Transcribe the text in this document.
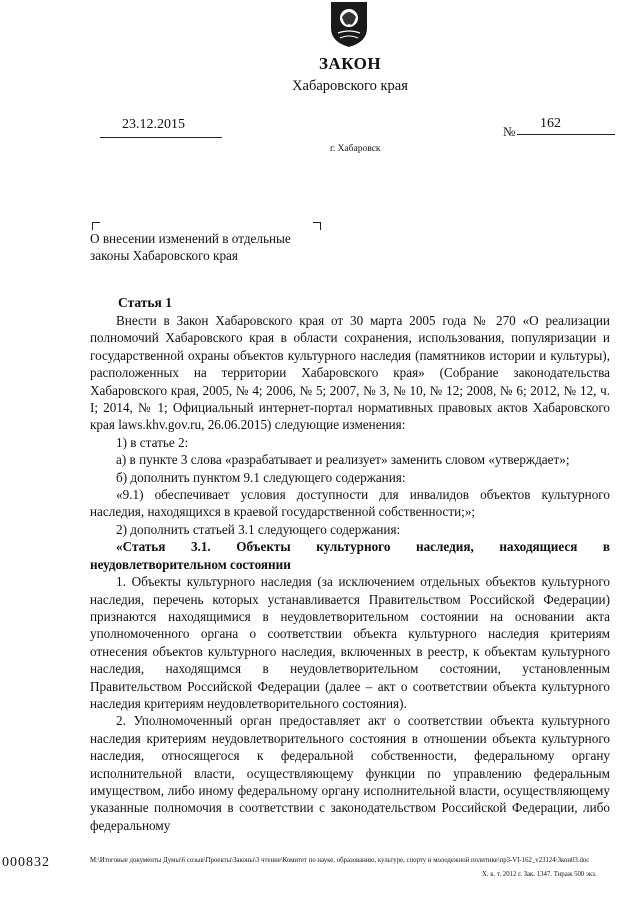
ЗАКОН
Хабаровского края
23.12.2015	№
162
г. Хабаровск
О внесении изменений в отдельные
законы Хабаровского края
Статья 1

Внести в Закон Хабаровского края от 30 марта 2005 года № 270 «О реализации полномочий Хабаровского края в области сохранения, использования, популяризации и государственной охраны объектов культурного наследия (памятников истории и культуры), расположенных на территории Хабаровского края» (Собрание законодательства Хабаровского края, 2005, № 4; 2006, № 5; 2007, № 3, № 10, № 12; 2008, № 6; 2012, № 12, ч. I; 2014, № 1; Официальный интернет-портал нормативных правовых актов Хабаровского края laws.khv.gov.ru, 26.06.2015) следующие изменения:

1) в статье 2:

а) в пункте 3 слова «разрабатывает и реализует» заменить словом «утверждает»;

б) дополнить пунктом 9.1 следующего содержания:

«9.1) обеспечивает условия доступности для инвалидов объектов культурного наследия, находящихся в краевой государственной собственности;»;

2) дополнить статьей 3.1 следующего содержания:

«Статья 3.1. Объекты культурного наследия, находящиеся в неудовлетворительном состоянии

1. Объекты культурного наследия (за исключением отдельных объектов культурного наследия, перечень которых устанавливается Правительством Российской Федерации) признаются находящимися в неудовлетворительном состоянии на основании акта уполномоченного органа о соответствии объекта культурного наследия критериям отнесения объектов культурного наследия, включенных в реестр, к объектам культурного наследия, находящимся в неудовлетворительном состоянии, установленным Правительством Российской Федерации (далее – акт о соответствии объекта культурного наследия критериям неудовлетворительного состояния).

2. Уполномоченный орган предоставляет акт о соответствии объекта культурного наследия критериям неудовлетворительного состояния в отношении объекта культурного наследия, относящегося к федеральной собственности, федеральному органу исполнительной власти, осуществляющему функции по управлению федеральным имуществом, либо иному федеральному органу исполнительной власти, осуществляющему указанные полномочия в соответствии с законодательством Российской Федерации, либо федеральному

000832	М:\Итоговые документы Думы\6 созыв\Проекты\Законы\3 чтение\Комитет по науке, образованию, культуре, спорту и молодежной политике\пр3-VI-162_v23124\Зкон03.doc
Х. к. т. 2012 г. Зак. 1347. Тираж 500 экз.
